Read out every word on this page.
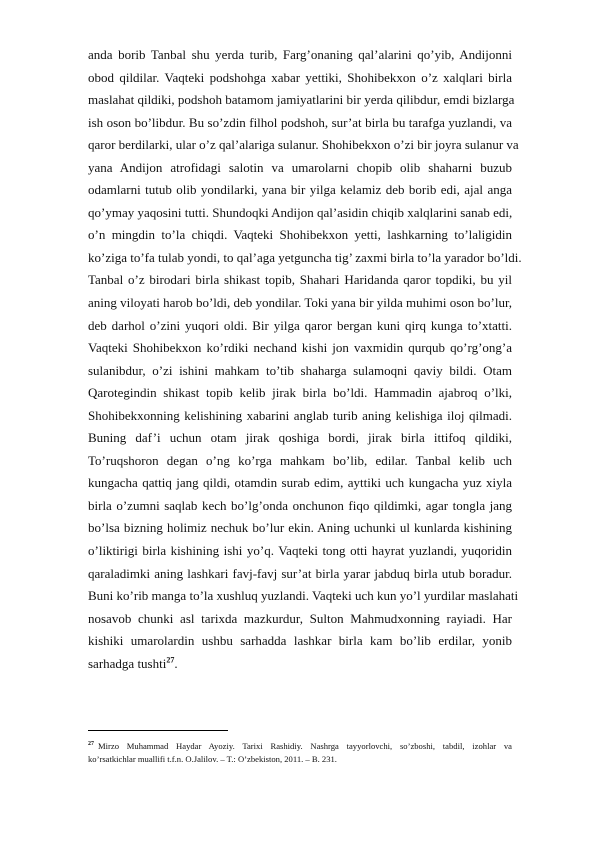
anda borib Tanbal shu yerda turib, Farg’onaning qal’alarini qo’yib, Andijonni
obod qildilar. Vaqteki podshohga xabar yettiki, Shohibekxon o’z xalqlari birla
maslahat qildiki, podshoh batamom jamiyatlarini bir yerda qilibdur, emdi bizlarga
ish oson bo’libdur. Bu so’zdin filhol podshoh, sur’at birla bu tarafga yuzlandi, va
qaror berdilarki, ular o’z qal’alariga sulanur. Shohibekxon o’zi bir joyra sulanur va
yana Andijon atrofidagi salotin va umarolarni chopib olib shaharni buzub
odamlarni tutub olib yondilarki, yana bir yilga kelamiz deb borib edi, ajal anga
qo’ymay yaqosini tutti. Shundoqki Andijon qal’asidin chiqib xalqlarini sanab edi,
o’n mingdin to’la chiqdi. Vaqteki Shohibekxon yetti, lashkarning to’laligidin
ko’ziga to’fa tulab yondi, to qal’aga yetguncha tig’ zaxmi birla to’la yarador bo’ldi.
Tanbal o’z birodari birla shikast topib, Shahari Haridanda qaror topdiki, bu yil
aning viloyati harob bo’ldi, deb yondilar. Toki yana bir yilda muhimi oson bo’lur,
deb darhol o’zini yuqori oldi. Bir yilga qaror bergan kuni qirq kunga to’xtatti.
Vaqteki Shohibekxon ko’rdiki nechand kishi jon vaxmidin qurqub qo’rg’ong’a
sulanibdur, o’zi ishini mahkam to’tib shaharga sulamoqni qaviy bildi. Otam
Qarotegindin shikast topib kelib jirak birla bo’ldi. Hammadin ajabroq o’lki,
Shohibekxonning kelishining xabarini anglab turib aning kelishiga iloj qilmadi.
Buning daf’i uchun otam jirak qoshiga bordi, jirak birla ittifoq qildiki,
To’ruqshoron degan o’ng ko’rga mahkam bo’lib, edilar. Tanbal kelib uch
kungacha qattiq jang qildi, otamdin surab edim, ayttiki uch kungacha yuz xiyla
birla o’zumni saqlab kech bo’lg’onda onchunon fiqo qildimki, agar tongla jang
bo’lsa bizning holimiz nechuk bo’lur ekin. Aning uchunki ul kunlarda kishining
o’liktirigi birla kishining ishi yo’q. Vaqteki tong otti hayrat yuzlandi, yuqoridin
qaraladimki aning lashkari favj-favj sur’at birla yarar jabduq birla utub boradur.
Buni ko’rib manga to’la xushluq yuzlandi. Vaqteki uch kun yo’l yurdilar maslahati
nosavob chunki asl tarixda mazkurdur, Sulton Mahmudxonning rayiadi. Har
kishiki umarolardin ushbu sarhadda lashkar birla kam bo’lib erdilar, yonib
sarhadga tushti$^{27}$.
$^{27}$ Mirzo Muhammad Haydar Ayoziy. Tarixi Rashidiy. Nashrga tayyorlovchi, so’zboshi, tabdil, izohlar va
ko’rsatkichlar muallifi t.f.n. O.Jalilov. – T.: O’zbekiston, 2011. – B. 231.
